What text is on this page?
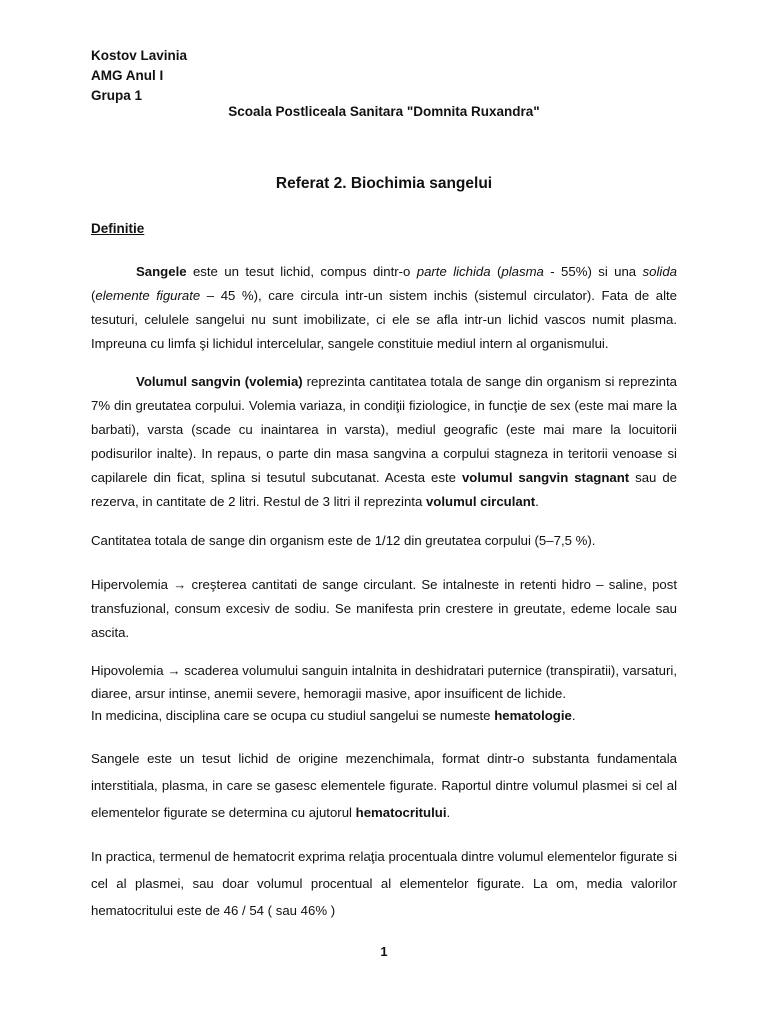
Kostov Lavinia
AMG Anul I
Grupa 1
Scoala Postliceala Sanitara "Domnita Ruxandra"
Referat 2. Biochimia sangelui
Definitie

Sangele este un tesut lichid, compus dintr-o parte lichida (plasma - 55%) si una solida (elemente figurate – 45 %), care circula intr-un sistem inchis (sistemul circulator). Fata de alte tesuturi, celulele sangelui nu sunt imobilizate, ci ele se afla intr-un lichid vascos numit plasma. Impreuna cu limfa şi lichidul intercelular, sangele constituie mediul intern al organismului.

Volumul sangvin (volemia) reprezinta cantitatea totala de sange din organism si reprezinta 7% din greutatea corpului. Volemia variaza, in condiţii fiziologice, in funcţie de sex (este mai mare la barbati), varsta (scade cu inaintarea in varsta), mediul geografic (este mai mare la locuitorii podisurilor inalte). In repaus, o parte din masa sangvina a corpului stagneza in teritorii venoase si capilarele din ficat, splina si tesutul subcutanat. Acesta este volumul sangvin stagnant sau de rezerva, in cantitate de 2 litri. Restul de 3 litri il reprezinta volumul circulant.

Cantitatea totala de sange din organism este de 1/12 din greutatea corpului (5–7,5 %).

Hipervolemia → creşterea cantitati de sange circulant. Se intalneste in retenti hidro – saline, post transfuzional, consum excesiv de sodiu. Se manifesta prin crestere in greutate, edeme locale sau ascita.

Hipovolemia → scaderea volumului sanguin intalnita in deshidratari puternice (transpiratii), varsaturi, diaree, arsur intinse, anemii severe, hemoragii masive, apor insuificent de lichide.

In medicina, disciplina care se ocupa cu studiul sangelui se numeste hematologie.

Sangele este un tesut lichid de origine mezenchimala, format dintr-o substanta fundamentala interstitiala, plasma, in care se gasesc elementele figurate. Raportul dintre volumul plasmei si cel al elementelor figurate se determina cu ajutorul hematocritului.

In practica, termenul de hematocrit exprima relaţia procentuala dintre volumul elementelor figurate si cel al plasmei, sau doar volumul procentual al elementelor figurate. La om, media valorilor hematocritului este de 46 / 54 ( sau 46% )

1
